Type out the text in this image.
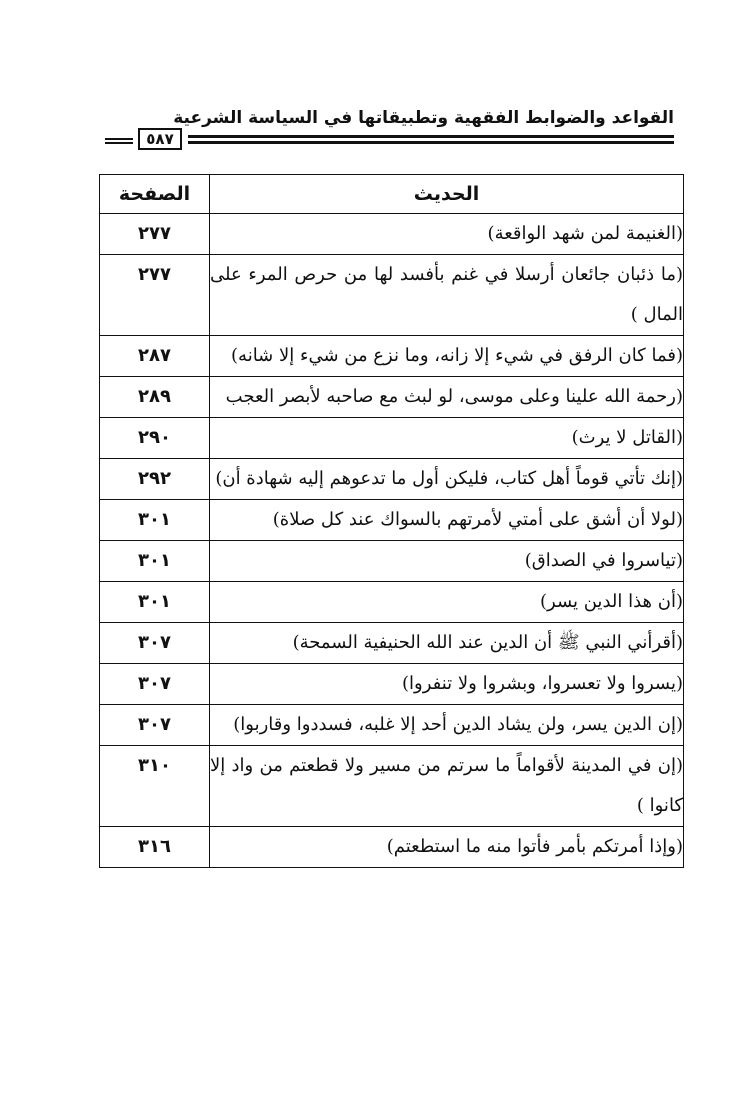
القواعد والضوابط الفقهية وتطبيقاتها في السياسة الشرعية
٥٨٧
الحديث	الصفحة
(الغنيمة لمن شهد الواقعة)	٢٧٧
(ما ذئبان جائعان أرسلا في غنم بأفسد لها من حرص المرء على المال )	٢٧٧
(فما كان الرفق في شيء إلا زانه، وما نزع من شيء إلا شانه)	٢٨٧
(رحمة الله علينا وعلى موسى، لو لبث مع صاحبه لأبصر العجب	٢٨٩
(القاتل لا يرث)	٢٩٠
(إنك تأتي قوماً أهل كتاب، فليكن أول ما تدعوهم إليه شهادة أن)	٢٩٢
(لولا أن أشق على أمتي لأمرتهم بالسواك عند كل صلاة)	٣٠١
(تياسروا في الصداق)	٣٠١
(أن هذا الدين يسر)	٣٠١
(أقرأني النبي ﷺ أن الدين عند الله الحنيفية السمحة)	٣٠٧
(يسروا ولا تعسروا، وبشروا ولا تنفروا)	٣٠٧
(إن الدين يسر، ولن يشاد الدين أحد إلا غلبه، فسددوا وقاربوا)	٣٠٧
(إن في المدينة لأقواماً ما سرتم من مسير ولا قطعتم من واد إلا كانوا )	٣١٠
(وإذا أمرتكم بأمر فأتوا منه ما استطعتم)	٣١٦
